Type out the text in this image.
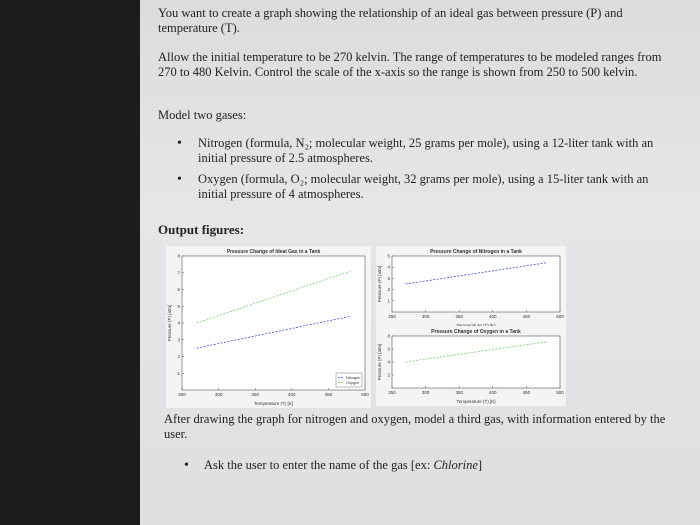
You want to create a graph showing the relationship of an ideal gas between pressure (P) and temperature (T).
Allow the initial temperature to be 270 kelvin. The range of temperatures to be modeled ranges from 270 to 480 Kelvin. Control the scale of the x-axis so the range is shown from 250 to 500 kelvin.
Model two gases:
• Nitrogen (formula, N₂; molecular weight, 25 grams per mole), using a 12-liter tank with an initial pressure of 2.5 atmospheres.
• Oxygen (formula, O₂; molecular weight, 32 grams per mole), using a 15-liter tank with an initial pressure of 4 atmospheres.
Output figures:
Pressure Change of Ideal Gas in a Tank
250	300	350	400	450	500
1
2
3
4
5
6
7
8
Temperature (T) [K]
Pressure (P) [atm]
Nitrogen
Oxygen
Pressure Change of Nitrogen in a Tank
250	300	350	400	450	500
1
2
3
4
5
Pressure (P) [atm]
Pressure Change of Oxygen in a Tank
250	300	350	400	450	500
2
4
6
8
Temperature (T) [K]
Pressure (P) [atm]
After drawing the graph for nitrogen and oxygen, model a third gas, with information entered by the user.
• Ask the user to enter the name of the gas [ex: Chlorine]
